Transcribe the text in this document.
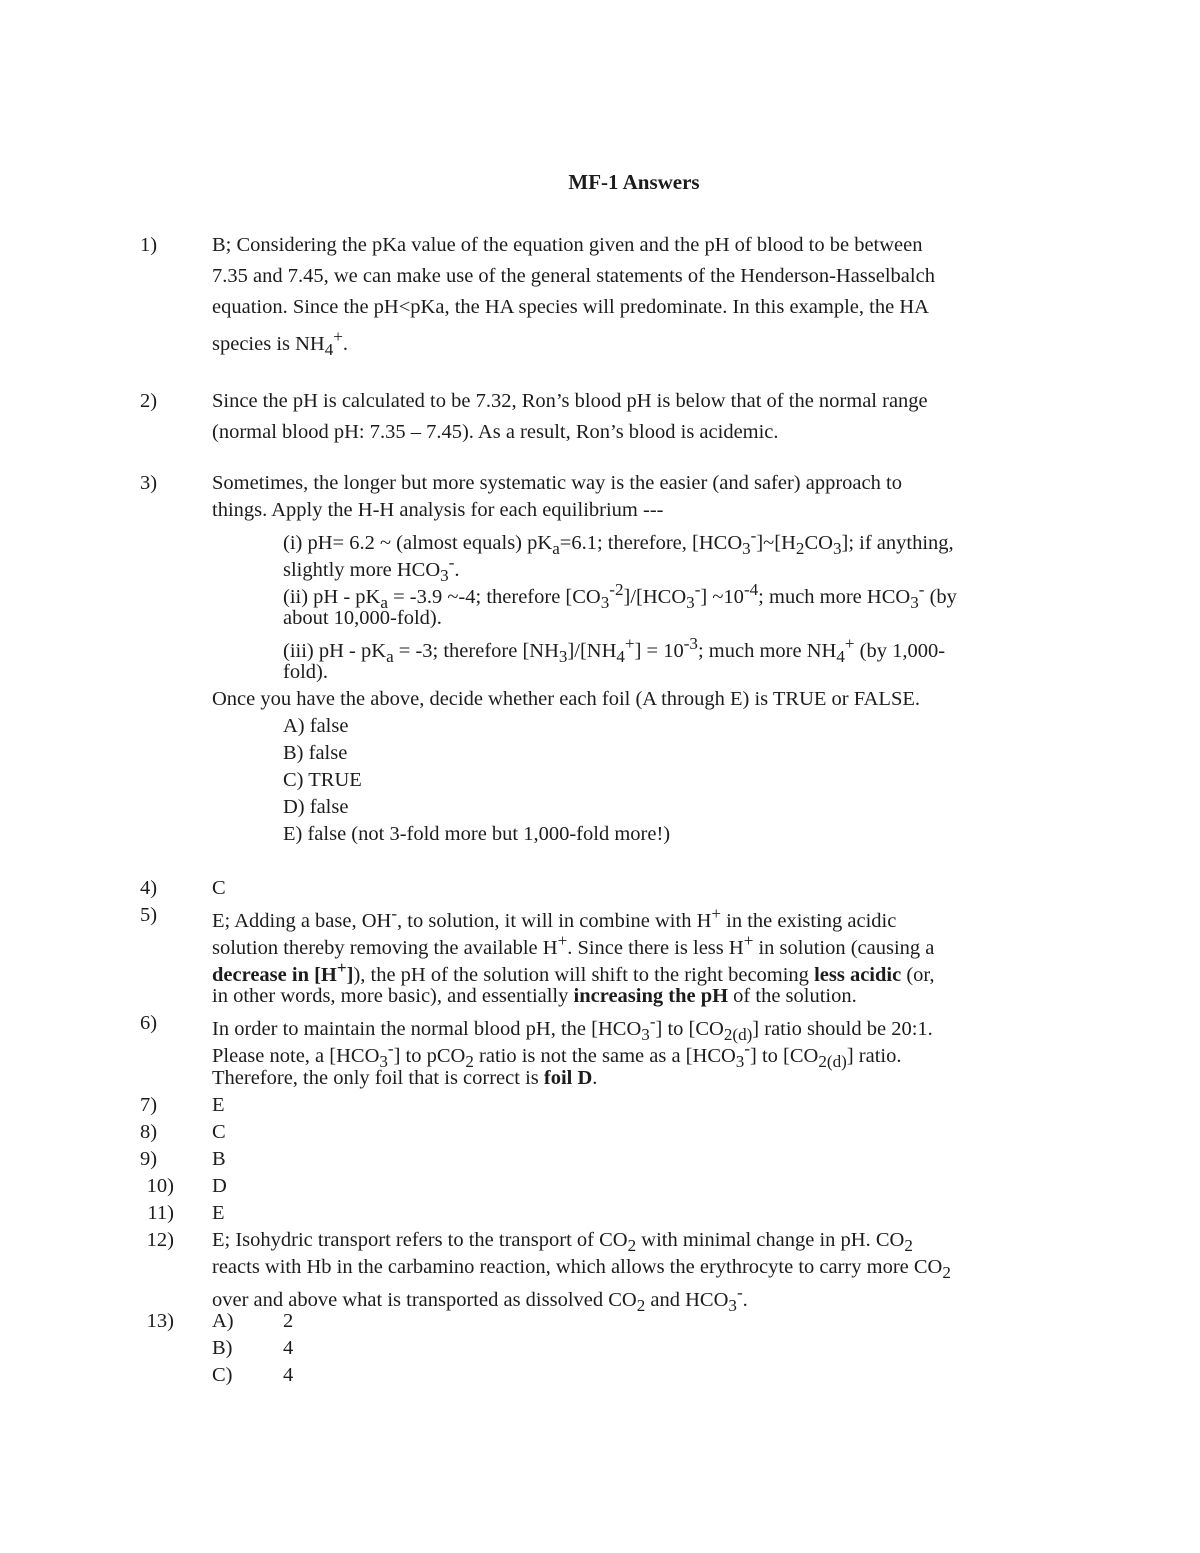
MF-1 Answers
1)	B; Considering the pKa value of the equation given and the pH of blood to be between
7.35 and 7.45, we can make use of the general statements of the Henderson-Hasselbalch
equation. Since the pH<pKa, the HA species will predominate. In this example, the HA
species is $NH_4^+$.
2)	Since the pH is calculated to be 7.32, Ron’s blood pH is below that of the normal range
(normal blood pH: 7.35 – 7.45). As a result, Ron’s blood is acidemic.
3)	Sometimes, the longer but more systematic way is the easier (and safer) approach to
things. Apply the H-H analysis for each equilibrium ---
(i) pH= 6.2 ~ (almost equals) $pK_a=6.1$; therefore, $[HCO_3^-]\sim[H_2CO_3]$; if anything,
slightly more $HCO_3^-$.
(ii) pH - $pK_a = -3.9$ ~-4; therefore $[CO_3^{-2}]/[HCO_3^-]$ $\sim 10^{-4}$; much more $HCO_3^-$ (by
about 10,000-fold).
(iii) pH - $pK_a = -3$; therefore $[NH_3]/[NH_4^+] = 10^{-3}$; much more $NH_4^+$ (by 1,000-
fold).
Once you have the above, decide whether each foil (A through E) is TRUE or FALSE.
A) false
B) false
C) TRUE
D) false
E) false (not 3-fold more but 1,000-fold more!)
4)	C
5)	E; Adding a base, OH-, to solution, it will in combine with H+ in the existing acidic
solution thereby removing the available H+. Since there is less H+ in solution (causing a
decrease in [H+]), the pH of the solution will shift to the right becoming less acidic (or,
in other words, more basic), and essentially increasing the pH of the solution.
6)	In order to maintain the normal blood pH, the $[HCO_3^-]$ to $[CO_{2(d)}]$ ratio should be 20:1.
Please note, a $[HCO_3^-]$ to pCO$_2$ ratio is not the same as a $[HCO_3^-]$ to $[CO_{2(d)}]$ ratio.
Therefore, the only foil that is correct is foil D.
7)	E
8)	C
9)	B
10) D
11) E
12) E; Isohydric transport refers to the transport of $CO_2$ with minimal change in pH. $CO_2$
reacts with Hb in the carbamino reaction, which allows the erythrocyte to carry more $CO_2$
over and above what is transported as dissolved $CO_2$ and $HCO_3^-$.
13) A) 2
B) 4
C) 4
